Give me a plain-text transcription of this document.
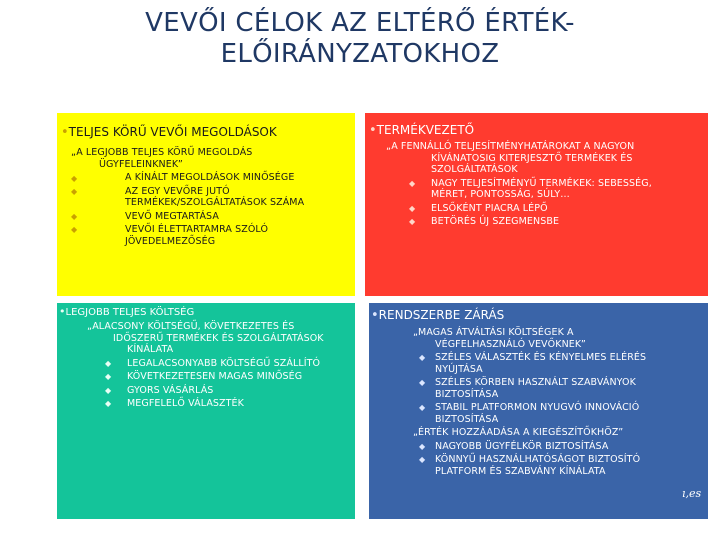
VEVŐI CÉLOK AZ ELTÉRŐ ÉRTÉK-
ELŐIRÁNYZATOKHOZ
•TELJES KÖRŰ VEVŐI MEGOLDÁSOK
„A LEGJOBB TELJES KÖRŰ MEGOLDÁS
ÜGYFELEINKNEK”
◆	A KÍNÁLT MEGOLDÁSOK MINŐSÉGE
◆	AZ EGY VEVŐRE JUTÓ
TERMÉKEK/SZOLGÁLTATÁSOK SZÁMA
◆	VEVŐ MEGTARTÁSA
◆	VEVŐI ÉLETTARTAMRA SZÓLÓ
JÖVEDELMEZŐSÉG
•TERMÉKVEZETŐ
„A FENNÁLLÓ TELJESÍTMÉNYHATÁROKAT A NAGYON
KÍVÁNATOSIG KITERJESZTŐ TERMÉKEK ÉS
SZOLGÁLTATÁSOK
◆ NAGY TELJESÍTMÉNYŰ TERMÉKEK: SEBESSÉG,
MÉRET, PONTOSSÁG, SÚLY…
◆ ELSŐKÉNT PIACRA LÉPŐ
◆ BETÖRÉS ÚJ SZEGMENSBE
•LEGJOBB TELJES KÖLTSÉG
„ALACSONY KÖLTSÉGŰ, KÖVETKEZETES ÉS
IDŐSZERŰ TERMÉKEK ÉS SZOLGÁLTATÁSOK
KÍNÁLATA
◆ LEGALACSONYABB KÖLTSÉGŰ SZÁLLÍTÓ
◆ KÖVETKEZETESEN MAGAS MINŐSÉG
◆ GYORS VÁSÁRLÁS
◆ MEGFELELŐ VÁLASZTÉK
•RENDSZERBE ZÁRÁS
„MAGAS ÁTVÁLTÁSI KÖLTSÉGEK A
VÉGFELHASZNÁLÓ VEVŐKNEK”
◆ SZÉLES VÁLASZTÉK ÉS KÉNYELMES ELÉRÉS
NYÚJTÁSA
◆ SZÉLES KÖRBEN HASZNÁLT SZABVÁNYOK
BIZTOSÍTÁSA
◆ STABIL PLATFORMON NYUGVÓ INNOVÁCIÓ
BIZTOSÍTÁSA
„ÉRTÉK HOZZÁADÁSA A KIEGÉSZÍTŐKHÖZ”
◆ NAGYOBB ÜGYFÉLKÖR BIZTOSÍTÁSA
◆ KÖNNYŰ HASZNÁLHATÓSÁGOT BIZTOSÍTÓ
PLATFORM ÉS SZABVÁNY KÍNÁLATA
ı,es
